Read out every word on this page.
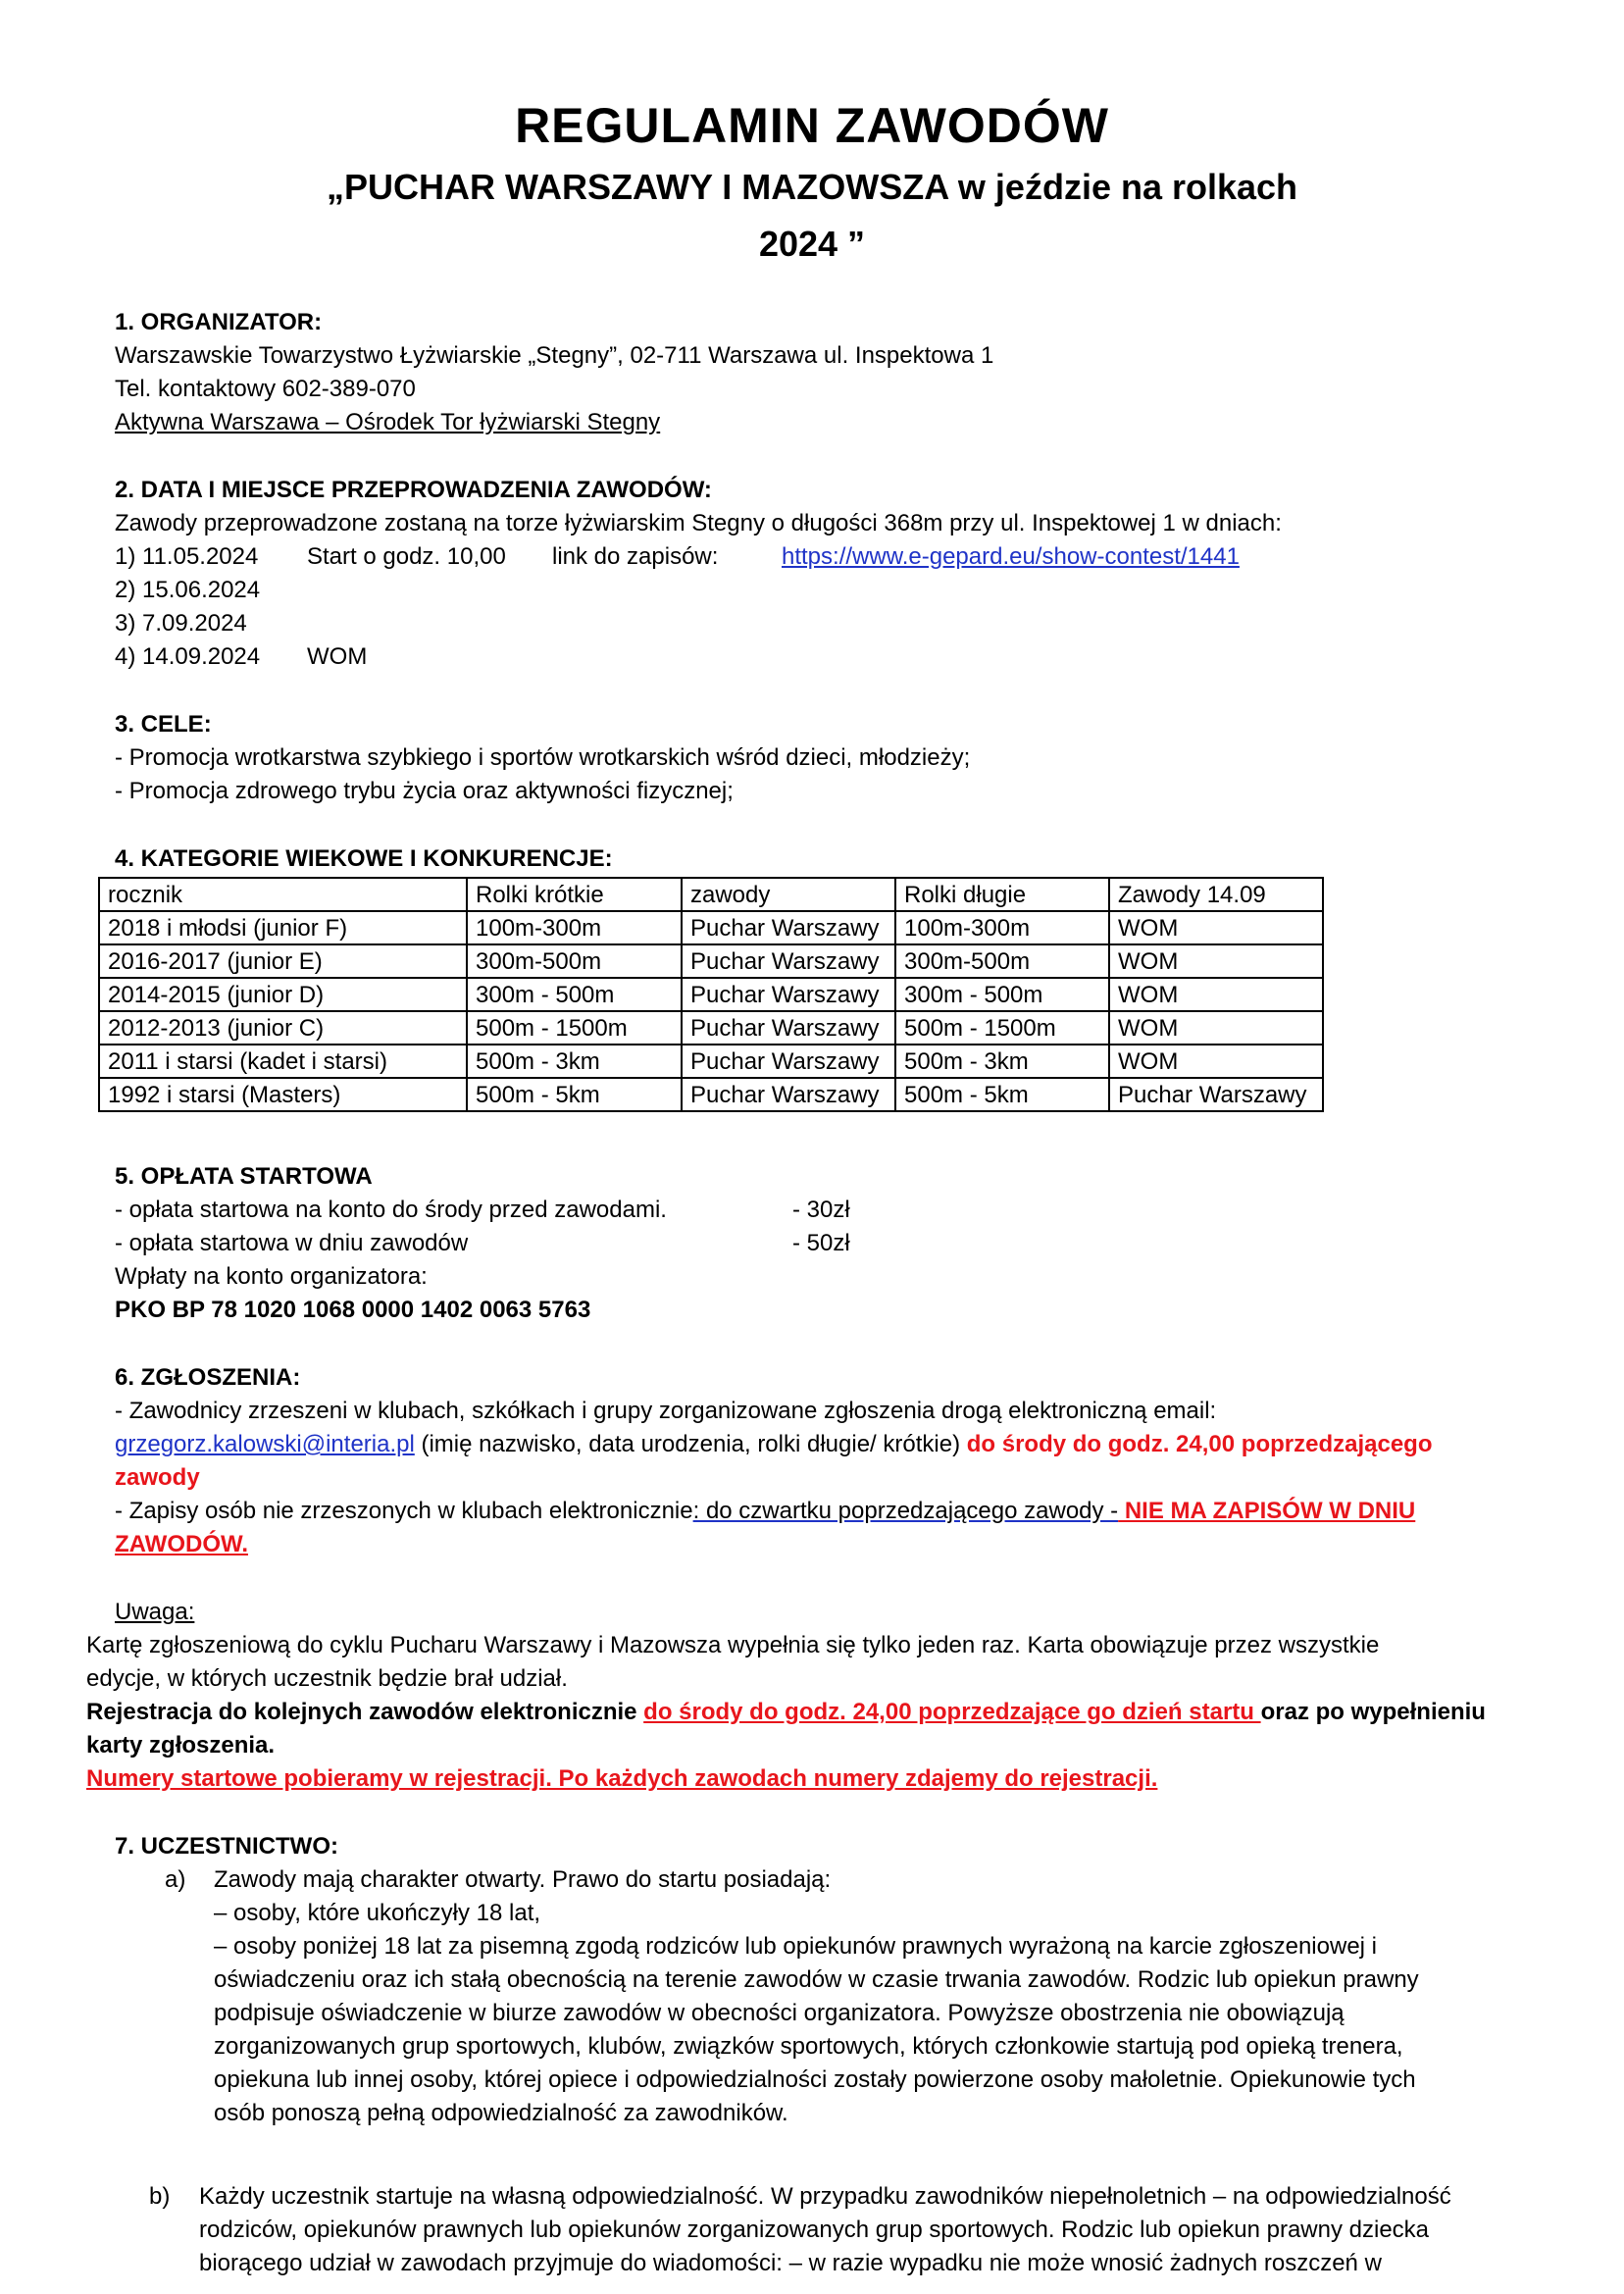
REGULAMIN ZAWODÓW
„PUCHAR WARSZAWY I MAZOWSZA w jeździe na rolkach
2024 ”
1. ORGANIZATOR:
Warszawskie Towarzystwo Łyżwiarskie „Stegny”, 02-711 Warszawa ul. Inspektowa 1
Tel. kontaktowy 602-389-070
Aktywna Warszawa – Ośrodek Tor łyżwiarski Stegny
2. DATA I MIEJSCE PRZEPROWADZENIA ZAWODÓW:
Zawody przeprowadzone zostaną na torze łyżwiarskim Stegny o długości 368m przy ul. Inspektowej 1 w dniach:
1) 11.05.2024 Start o godz. 10,00 link do zapisów:	https://www.e-gepard.eu/show-contest/1441
2) 15.06.2024
3) 7.09.2024
4) 14.09.2024 WOM
3. CELE:
- Promocja wrotkarstwa szybkiego i sportów wrotkarskich wśród dzieci, młodzieży;
- Promocja zdrowego trybu życia oraz aktywności fizycznej;
4. KATEGORIE WIEKOWE I KONKURENCJE:
rocznik	Rolki krótkie	zawody	Rolki długie	Zawody 14.09
2018 i młodsi (junior F)	100m-300m	Puchar Warszawy	100m-300m	WOM
2016-2017 (junior E)	300m-500m	Puchar Warszawy	300m-500m	WOM
2014-2015 (junior D)	300m - 500m	Puchar Warszawy	300m - 500m	WOM
2012-2013 (junior C)	500m - 1500m	Puchar Warszawy	500m - 1500m	WOM
2011 i starsi (kadet i starsi)	500m - 3km	Puchar Warszawy	500m - 3km	WOM
1992 i starsi (Masters)	500m - 5km	Puchar Warszawy	500m - 5km	Puchar Warszawy
5. OPŁATA STARTOWA
- opłata startowa na konto do środy przed zawodami.	- 30zł
- opłata startowa w dniu zawodów	- 50zł
Wpłaty na konto organizatora:
PKO BP 78 1020 1068 0000 1402 0063 5763
6. ZGŁOSZENIA:
- Zawodnicy zrzeszeni w klubach, szkółkach i grupy zorganizowane zgłoszenia drogą elektroniczną email:
grzegorz.kalowski@interia.pl (imię nazwisko, data urodzenia, rolki długie/ krótkie) do środy do godz. 24,00 poprzedzającego
zawody
- Zapisy osób nie zrzeszonych w klubach elektronicznie: do czwartku poprzedzającego zawody - NIE MA ZAPISÓW W DNIU
ZAWODÓW.
Uwaga:
Kartę zgłoszeniową do cyklu Pucharu Warszawy i Mazowsza wypełnia się tylko jeden raz. Karta obowiązuje przez wszystkie
edycje, w których uczestnik będzie brał udział.
Rejestracja do kolejnych zawodów elektronicznie do środy do godz. 24,00 poprzedzające go dzień startu oraz po wypełnieniu
karty zgłoszenia.
Numery startowe pobieramy w rejestracji. Po każdych zawodach numery zdajemy do rejestracji.
7. UCZESTNICTWO:
a) Zawody mają charakter otwarty. Prawo do startu posiadają:
– osoby, które ukończyły 18 lat,
– osoby poniżej 18 lat za pisemną zgodą rodziców lub opiekunów prawnych wyrażoną na karcie zgłoszeniowej i
oświadczeniu oraz ich stałą obecnością na terenie zawodów w czasie trwania zawodów. Rodzic lub opiekun prawny
podpisuje oświadczenie w biurze zawodów w obecności organizatora. Powyższe obostrzenia nie obowiązują
zorganizowanych grup sportowych, klubów, związków sportowych, których członkowie startują pod opieką trenera,
opiekuna lub innej osoby, której opiece i odpowiedzialności zostały powierzone osoby małoletnie. Opiekunowie tych
osób ponoszą pełną odpowiedzialność za zawodników.
b) Każdy uczestnik startuje na własną odpowiedzialność. W przypadku zawodników niepełnoletnich – na odpowiedzialność
rodziców, opiekunów prawnych lub opiekunów zorganizowanych grup sportowych. Rodzic lub opiekun prawny dziecka
biorącego udział w zawodach przyjmuje do wiadomości: – w razie wypadku nie może wnosić żadnych roszczeń w
